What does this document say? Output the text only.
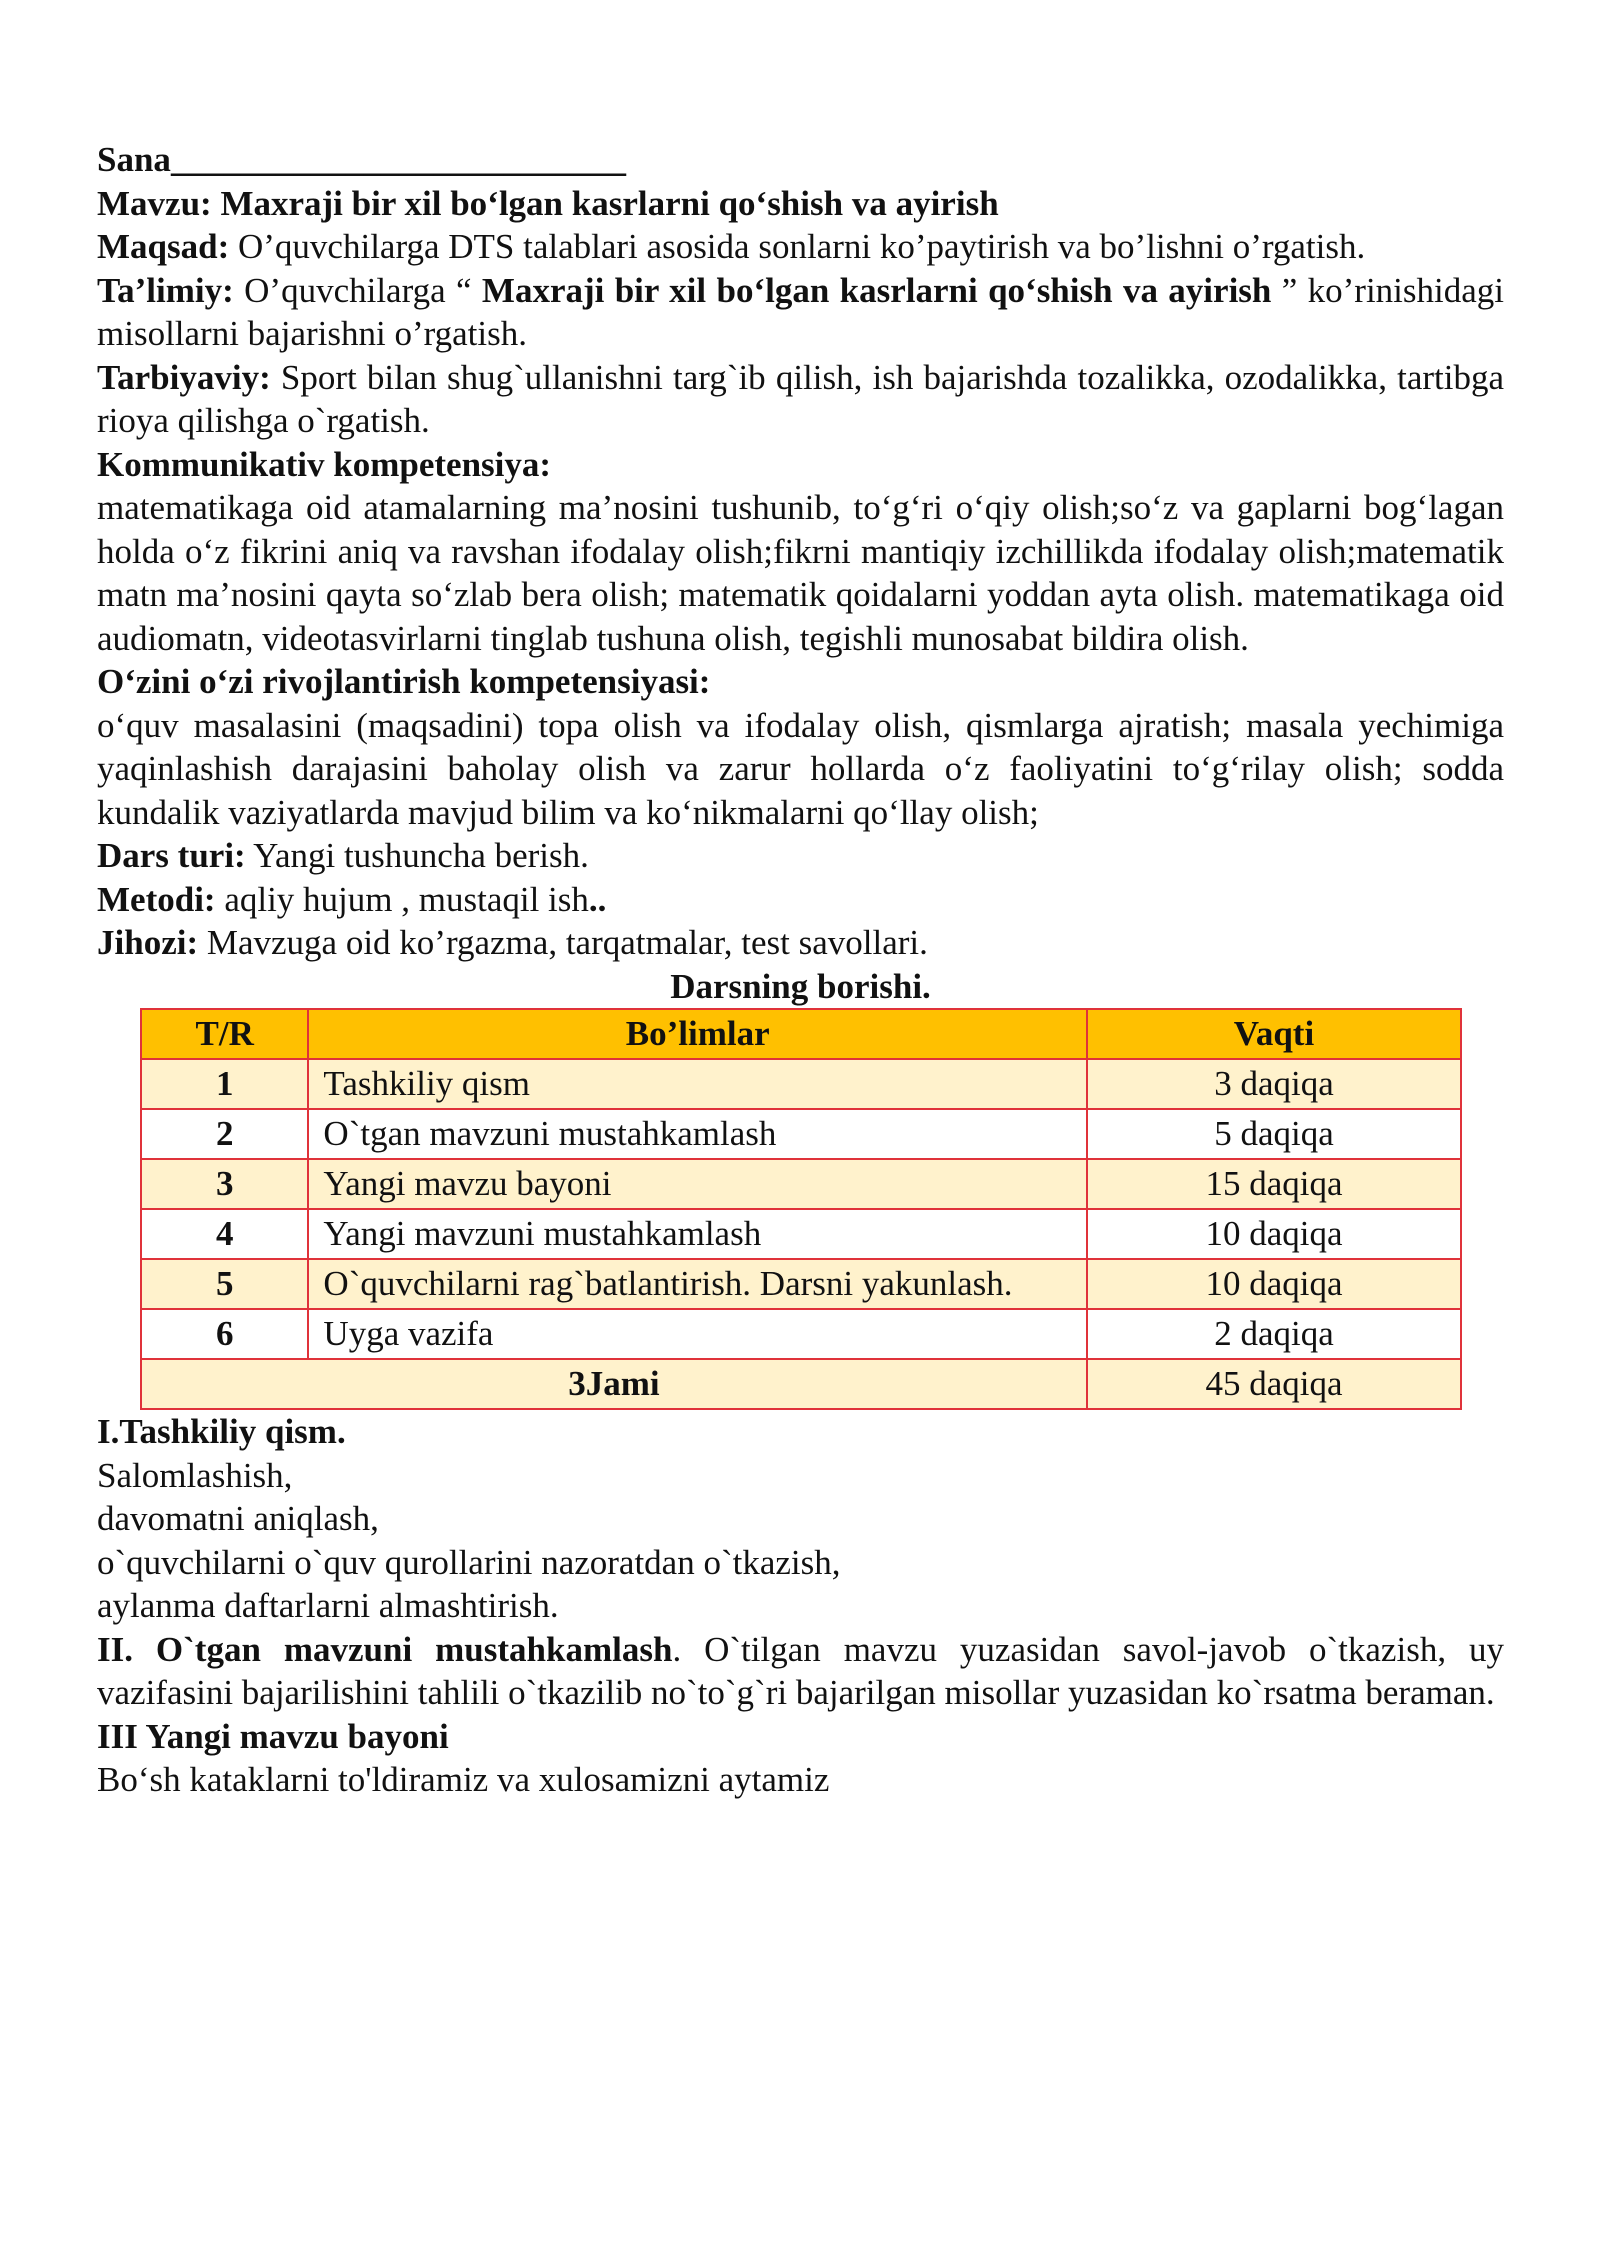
Sana__________________________

Mavzu: Maxraji bir xil bo‘lgan kasrlarni qo‘shish va ayirish

Maqsad: O’quvchilarga DTS talablari asosida sonlarni ko’paytirish va bo’lishni o’rgatish.

Ta’limiy: O’quvchilarga “ Maxraji bir xil bo‘lgan kasrlarni qo‘shish va ayirish ” ko’rinishidagi misollarni bajarishni o’rgatish.

Tarbiyaviy: Sport bilan shug`ullanishni targ`ib qilish, ish bajarishda tozalikka, ozodalikka, tartibga rioya qilishga o`rgatish.

Kommunikativ kompetensiya:

matematikaga oid atamalarning ma’nosini tushunib, to‘g‘ri o‘qiy olish;so‘z va gaplarni bog‘lagan holda o‘z fikrini aniq va ravshan ifodalay olish;fikrni mantiqiy izchillikda ifodalay olish;matematik matn ma’nosini qayta so‘zlab bera olish; matematik qoidalarni yoddan ayta olish. matematikaga oid audiomatn, videotasvirlarni tinglab tushuna olish, tegishli munosabat bildira olish.

O‘zini o‘zi rivojlantirish kompetensiyasi:

o‘quv masalasini (maqsadini) topa olish va ifodalay olish, qismlarga ajratish; masala yechimiga yaqinlashish darajasini baholay olish va zarur hollarda o‘z faoliyatini to‘g‘rilay olish; sodda kundalik vaziyatlarda mavjud bilim va ko‘nikmalarni qo‘llay olish;

Dars turi: Yangi tushuncha berish.

Metodi: aqliy hujum , mustaqil ish..

Jihozi: Mavzuga oid ko’rgazma, tarqatmalar, test savollari.

Darsning borishi.

T/R	Bo’limlar	Vaqti
1	Tashkiliy qism	3 daqiqa
2	O`tgan mavzuni mustahkamlash	5 daqiqa
3	Yangi mavzu bayoni	15 daqiqa
4	Yangi mavzuni mustahkamlash	10 daqiqa
5	O`quvchilarni rag`batlantirish. Darsni yakunlash.	10 daqiqa
6	Uyga vazifa	2 daqiqa
3Jami		45 daqiqa

I.Tashkiliy qism.

Salomlashish,

davomatni aniqlash,

o`quvchilarni o`quv qurollarini nazoratdan o`tkazish,

aylanma daftarlarni almashtirish.

II. O`tgan mavzuni mustahkamlash. O`tilgan mavzu yuzasidan savol-javob o`tkazish, uy vazifasini bajarilishini tahlili o`tkazilib no`to`g`ri bajarilgan misollar yuzasidan ko`rsatma beraman.

III Yangi mavzu bayoni

Bo‘sh kataklarni to'ldiramiz va xulosamizni aytamiz
